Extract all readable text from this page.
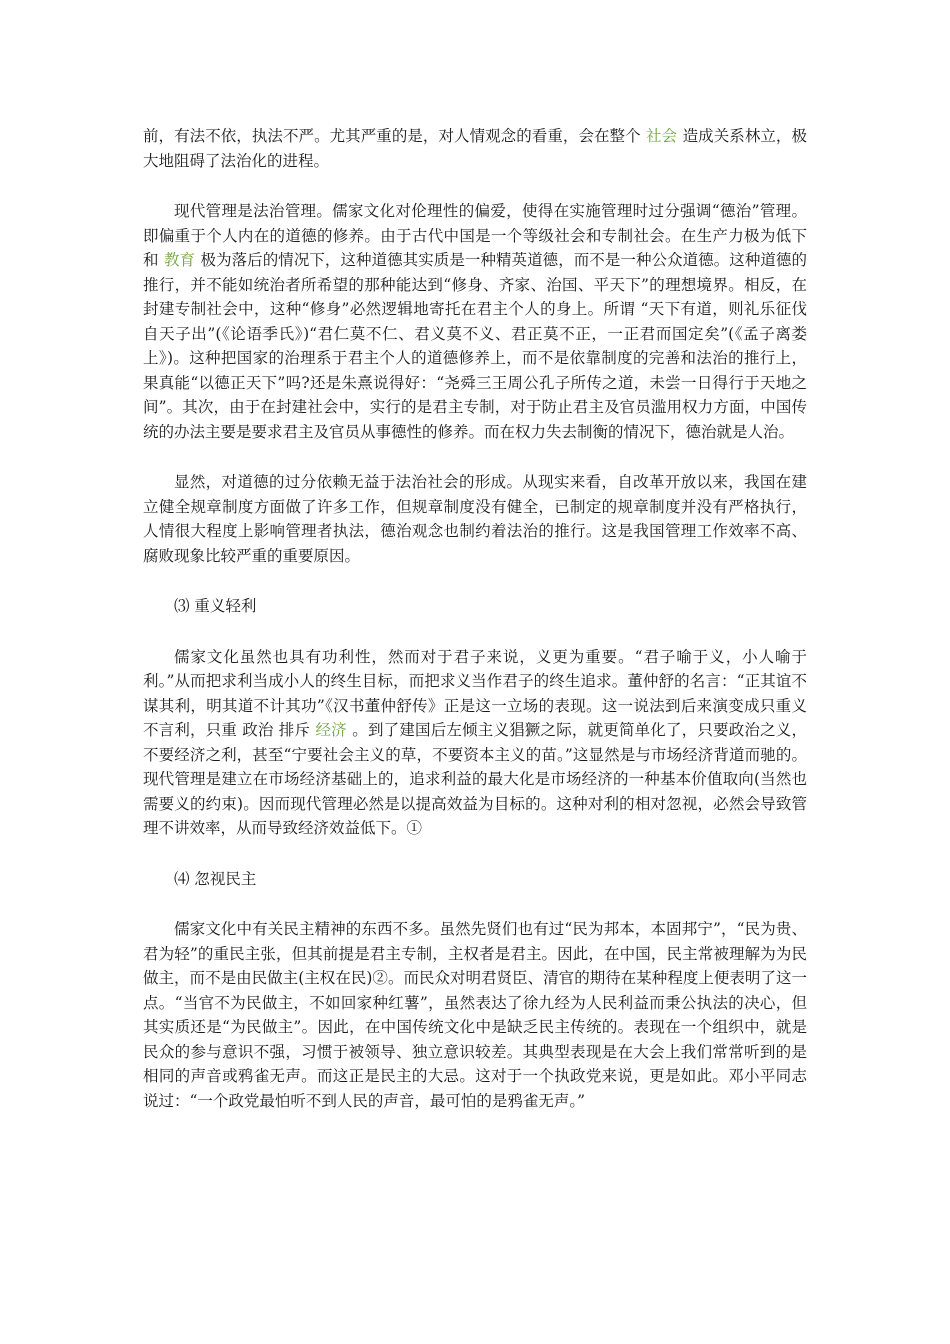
前，有法不依，执法不严。尤其严重的是，对人情观念的看重，会在整个 社会 造成关系林立，极大地阻碍了法治化的进程。

现代管理是法治管理。儒家文化对伦理性的偏爱，使得在实施管理时过分强调“德治”管理。即偏重于个人内在的道德的修养。由于古代中国是一个等级社会和专制社会。在生产力极为低下和 教育 极为落后的情况下，这种道德其实质是一种精英道德，而不是一种公众道德。这种道德的推行，并不能如统治者所希望的那种能达到“修身、齐家、治国、平天下”的理想境界。相反，在封建专制社会中，这种“修身”必然逻辑地寄托在君主个人的身上。所谓 “天下有道，则礼乐征伐自天子出”(《论语季氏》)“君仁莫不仁、君义莫不义、君正莫不正，一正君而国定矣”(《孟子离娄上》)。这种把国家的治理系于君主个人的道德修养上，而不是依靠制度的完善和法治的推行上，果真能“以德正天下”吗?还是朱熹说得好：“尧舜三王周公孔子所传之道，未尝一日得行于天地之间”。其次，由于在封建社会中，实行的是君主专制，对于防止君主及官员滥用权力方面，中国传统的办法主要是要求君主及官员从事德性的修养。而在权力失去制衡的情况下，德治就是人治。

显然，对道德的过分依赖无益于法治社会的形成。从现实来看，自改革开放以来，我国在建立健全规章制度方面做了许多工作，但规章制度没有健全，已制定的规章制度并没有严格执行，人情很大程度上影响管理者执法，德治观念也制约着法治的推行。这是我国管理工作效率不高、腐败现象比较严重的重要原因。

⑶ 重义轻利

儒家文化虽然也具有功利性，然而对于君子来说，义更为重要。“君子喻于义，小人喻于利。”从而把求利当成小人的终生目标，而把求义当作君子的终生追求。董仲舒的名言：“正其谊不谋其利，明其道不计其功”《汉书董仲舒传》正是这一立场的表现。这一说法到后来演变成只重义不言利，只重 政治 排斥 经济 。到了建国后左倾主义猖獗之际，就更简单化了，只要政治之义，不要经济之利，甚至“宁要社会主义的草，不要资本主义的苗。”这显然是与市场经济背道而驰的。现代管理是建立在市场经济基础上的，追求利益的最大化是市场经济的一种基本价值取向(当然也需要义的约束)。因而现代管理必然是以提高效益为目标的。这种对利的相对忽视，必然会导致管理不讲效率，从而导致经济效益低下。①

⑷ 忽视民主

儒家文化中有关民主精神的东西不多。虽然先贤们也有过“民为邦本，本固邦宁”，“民为贵、君为轻”的重民主张，但其前提是君主专制，主权者是君主。因此，在中国，民主常被理解为为民做主，而不是由民做主(主权在民)②。而民众对明君贤臣、清官的期待在某种程度上便表明了这一点。“当官不为民做主，不如回家种红薯”，虽然表达了徐九经为人民利益而秉公执法的决心，但其实质还是“为民做主”。因此，在中国传统文化中是缺乏民主传统的。表现在一个组织中，就是民众的参与意识不强，习惯于被领导、独立意识较差。其典型表现是在大会上我们常常听到的是相同的声音或鸦雀无声。而这正是民主的大忌。这对于一个执政党来说，更是如此。邓小平同志说过：“一个政党最怕听不到人民的声音，最可怕的是鸦雀无声。”
